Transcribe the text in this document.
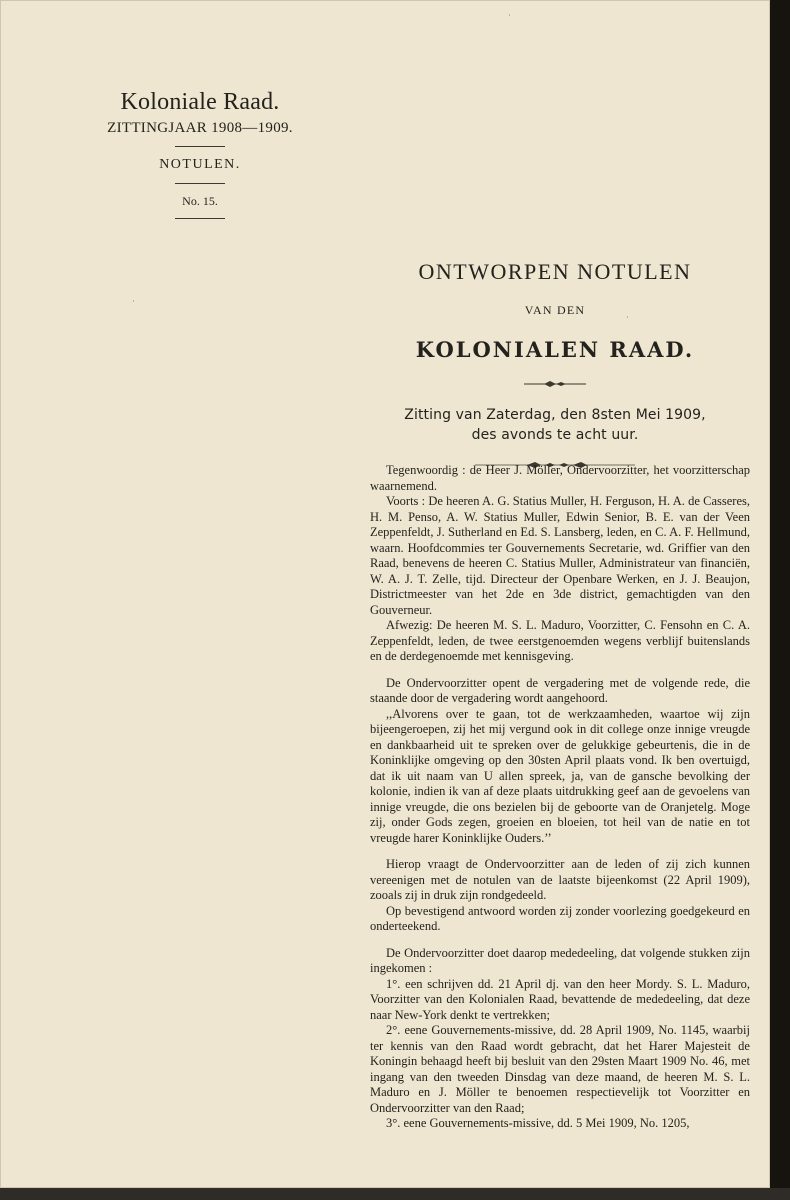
Koloniale Raad.
ZITTINGJAAR 1908—1909.
NOTULEN.
No. 15.
ONTWORPEN NOTULEN
VAN DEN
KOLONIALEN RAAD.
Zitting van Zaterdag, den 8sten Mei 1909,
des avonds te acht uur.

Tegenwoordig : de Heer J. Möller, Ondervoorzitter, het voorzitterschap waarnemend.

Voorts : De heeren A. G. Statius Muller, H. Ferguson, H. A. de Casseres, H. M. Penso, A. W. Statius Muller, Edwin Senior, B. E. van der Veen Zeppenfeldt, J. Sutherland en Ed. S. Lansberg, leden, en C. A. F. Hellmund, waarn. Hoofdcommies ter Gouvernements Secretarie, wd. Griffier van den Raad, benevens de heeren C. Statius Muller, Administrateur van financiën, W. A. J. T. Zelle, tijd. Directeur der Openbare Werken, en J. J. Beaujon, Districtmeester van het 2de en 3de district, gemachtigden van den Gouverneur.

Afwezig: De heeren M. S. L. Maduro, Voorzitter, C. Fensohn en C. A. Zeppenfeldt, leden, de twee eerstgenoemden wegens verblijf buitenslands en de derdegenoemde met kennisgeving.

De Ondervoorzitter opent de vergadering met de volgende rede, die staande door de vergadering wordt aangehoord.

,,Alvorens over te gaan, tot de werkzaamheden, waartoe wij zijn bijeengeroepen, zij het mij vergund ook in dit college onze innige vreugde en dankbaarheid uit te spreken over de gelukkige gebeurtenis, die in de Koninklijke omgeving op den 30sten April plaats vond. Ik ben overtuigd, dat ik uit naam van U allen spreek, ja, van de gansche bevolking der kolonie, indien ik van af deze plaats uitdrukking geef aan de gevoelens van innige vreugde, die ons bezielen bij de geboorte van de Oranjetelg. Moge zij, onder Gods zegen, groeien en bloeien, tot heil van de natie en tot vreugde harer Koninklijke Ouders.’’

Hierop vraagt de Ondervoorzitter aan de leden of zij zich kunnen vereenigen met de notulen van de laatste bijeenkomst (22 April 1909), zooals zij in druk zijn rondgedeeld.

Op bevestigend antwoord worden zij zonder voorlezing goedgekeurd en onderteekend.

De Ondervoorzitter doet daarop mededeeling, dat volgende stukken zijn ingekomen :

1°. een schrijven dd. 21 April dj. van den heer Mordy. S. L. Maduro, Voorzitter van den Kolonialen Raad, bevattende de mededeeling, dat deze naar New-York denkt te vertrekken;

2°. eene Gouvernements-missive, dd. 28 April 1909, No. 1145, waarbij ter kennis van den Raad wordt gebracht, dat het Harer Majesteit de Koningin behaagd heeft bij besluit van den 29sten Maart 1909 No. 46, met ingang van den tweeden Dinsdag van deze maand, de heeren M. S. L. Maduro en J. Möller te benoemen respectievelijk tot Voorzitter en Ondervoorzitter van den Raad;

3°. eene Gouvernements-missive, dd. 5 Mei 1909, No. 1205,
